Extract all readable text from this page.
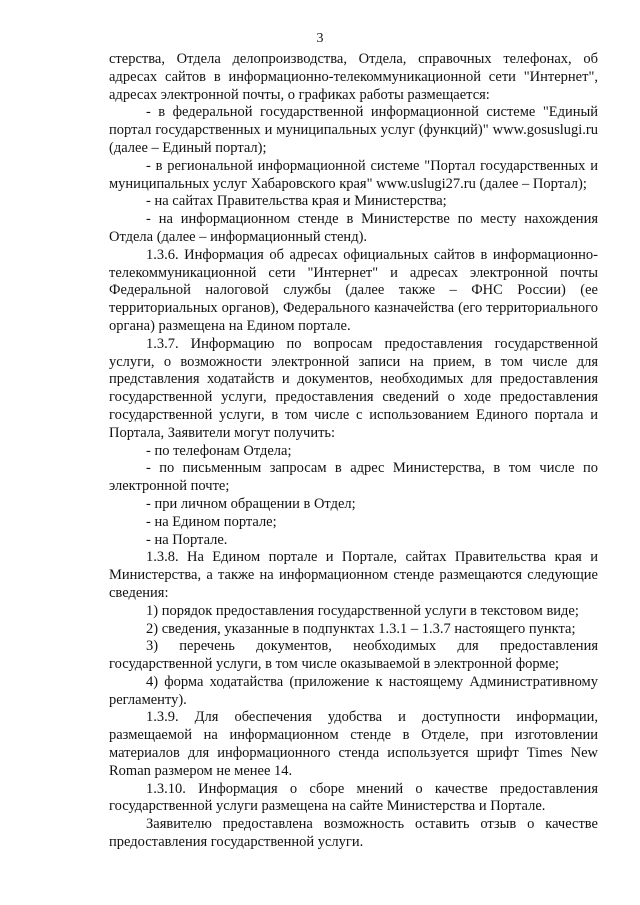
3

стерства, Отдела делопроизводства, Отдела, справочных телефонах, об адресах сайтов в информационно-телекоммуникационной сети "Интернет", адресах электронной почты, о графиках работы размещается:

- в федеральной государственной информационной системе "Единый портал государственных и муниципальных услуг (функций)" www.gosuslugi.ru (далее – Единый портал);

- в региональной информационной системе "Портал государственных и муниципальных услуг Хабаровского края" www.uslugi27.ru (далее – Портал);

- на сайтах Правительства края и Министерства;

- на информационном стенде в Министерстве по месту нахождения Отдела (далее – информационный стенд).

1.3.6. Информация об адресах официальных сайтов в информационно-телекоммуникационной сети "Интернет" и адресах электронной почты Федеральной налоговой службы (далее также – ФНС России) (ее территориальных органов), Федерального казначейства (его территориального органа) размещена на Едином портале.

1.3.7. Информацию по вопросам предоставления государственной услуги, о возможности электронной записи на прием, в том числе для представления ходатайств и документов, необходимых для предоставления государственной услуги, предоставления сведений о ходе предоставления государственной услуги, в том числе с использованием Единого портала и Портала, Заявители могут получить:

- по телефонам Отдела;

- по письменным запросам в адрес Министерства, в том числе по электронной почте;

- при личном обращении в Отдел;

- на Едином портале;

- на Портале.

1.3.8. На Едином портале и Портале, сайтах Правительства края и Министерства, а также на информационном стенде размещаются следующие сведения:

1) порядок предоставления государственной услуги в текстовом виде;

2) сведения, указанные в подпунктах 1.3.1 – 1.3.7 настоящего пункта;

3) перечень документов, необходимых для предоставления государственной услуги, в том числе оказываемой в электронной форме;

4) форма ходатайства (приложение к настоящему Административному регламенту).

1.3.9. Для обеспечения удобства и доступности информации, размещаемой на информационном стенде в Отделе, при изготовлении материалов для информационного стенда используется шрифт Times New Roman размером не менее 14.

1.3.10. Информация о сборе мнений о качестве предоставления государственной услуги размещена на сайте Министерства и Портале.

Заявителю предоставлена возможность оставить отзыв о качестве предоставления государственной услуги.
